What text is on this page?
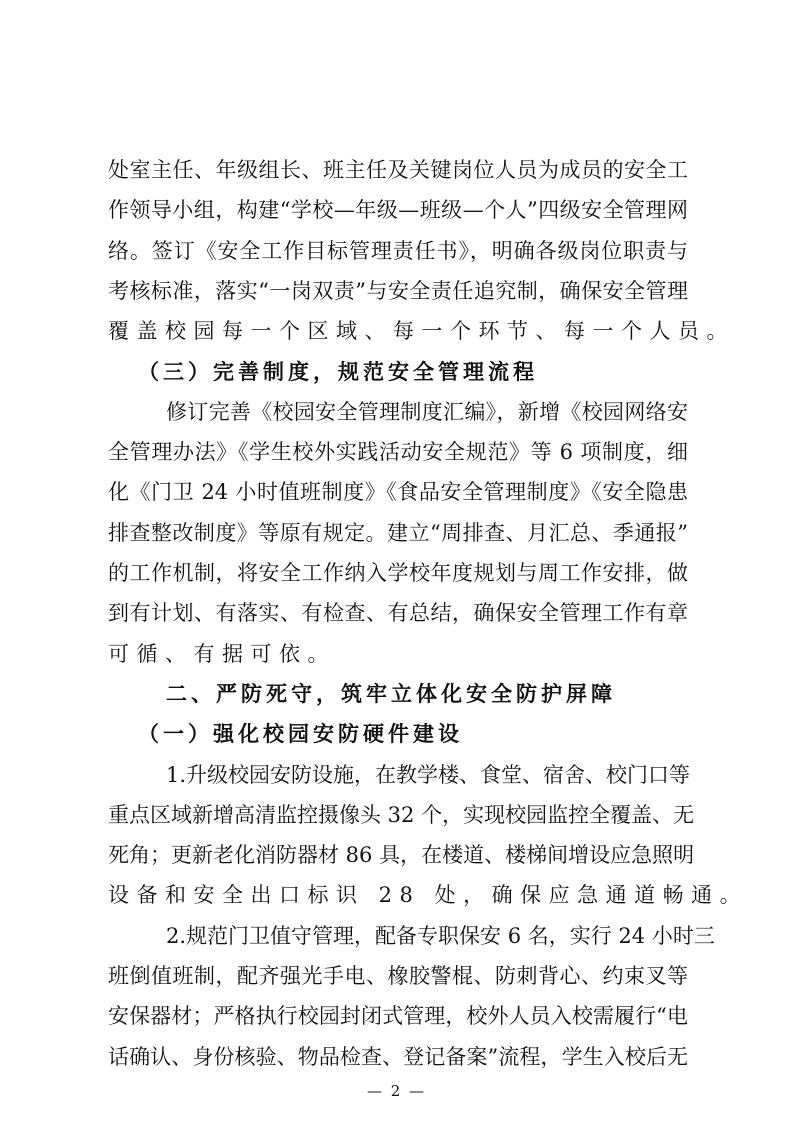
处室主任、年级组长、班主任及关键岗位人员为成员的安全工
作领导小组，构建“学校—年级—班级—个人”四级安全管理网
络。签订《安全工作目标管理责任书》，明确各级岗位职责与
考核标准，落实“一岗双责”与安全责任追究制，确保安全管理
覆盖校园每一个区域、每一个环节、每一个人员。
（三）完善制度，规范安全管理流程
修订完善《校园安全管理制度汇编》，新增《校园网络安
全管理办法》《学生校外实践活动安全规范》等 6 项制度，细
化《门卫 24 小时值班制度》《食品安全管理制度》《安全隐患
排查整改制度》等原有规定。建立“周排查、月汇总、季通报”
的工作机制，将安全工作纳入学校年度规划与周工作安排，做
到有计划、有落实、有检查、有总结，确保安全管理工作有章
可循、有据可依。
二、严防死守，筑牢立体化安全防护屏障
（一）强化校园安防硬件建设
1.升级校园安防设施，在教学楼、食堂、宿舍、校门口等
重点区域新增高清监控摄像头 32 个，实现校园监控全覆盖、无
死角；更新老化消防器材 86 具，在楼道、楼梯间增设应急照明
设备和安全出口标识 28 处，确保应急通道畅通。
2.规范门卫值守管理，配备专职保安 6 名，实行 24 小时三
班倒值班制，配齐强光手电、橡胶警棍、防刺背心、约束叉等
安保器材；严格执行校园封闭式管理，校外人员入校需履行“电
话确认、身份核验、物品检查、登记备案”流程，学生入校后无
— 2 —
